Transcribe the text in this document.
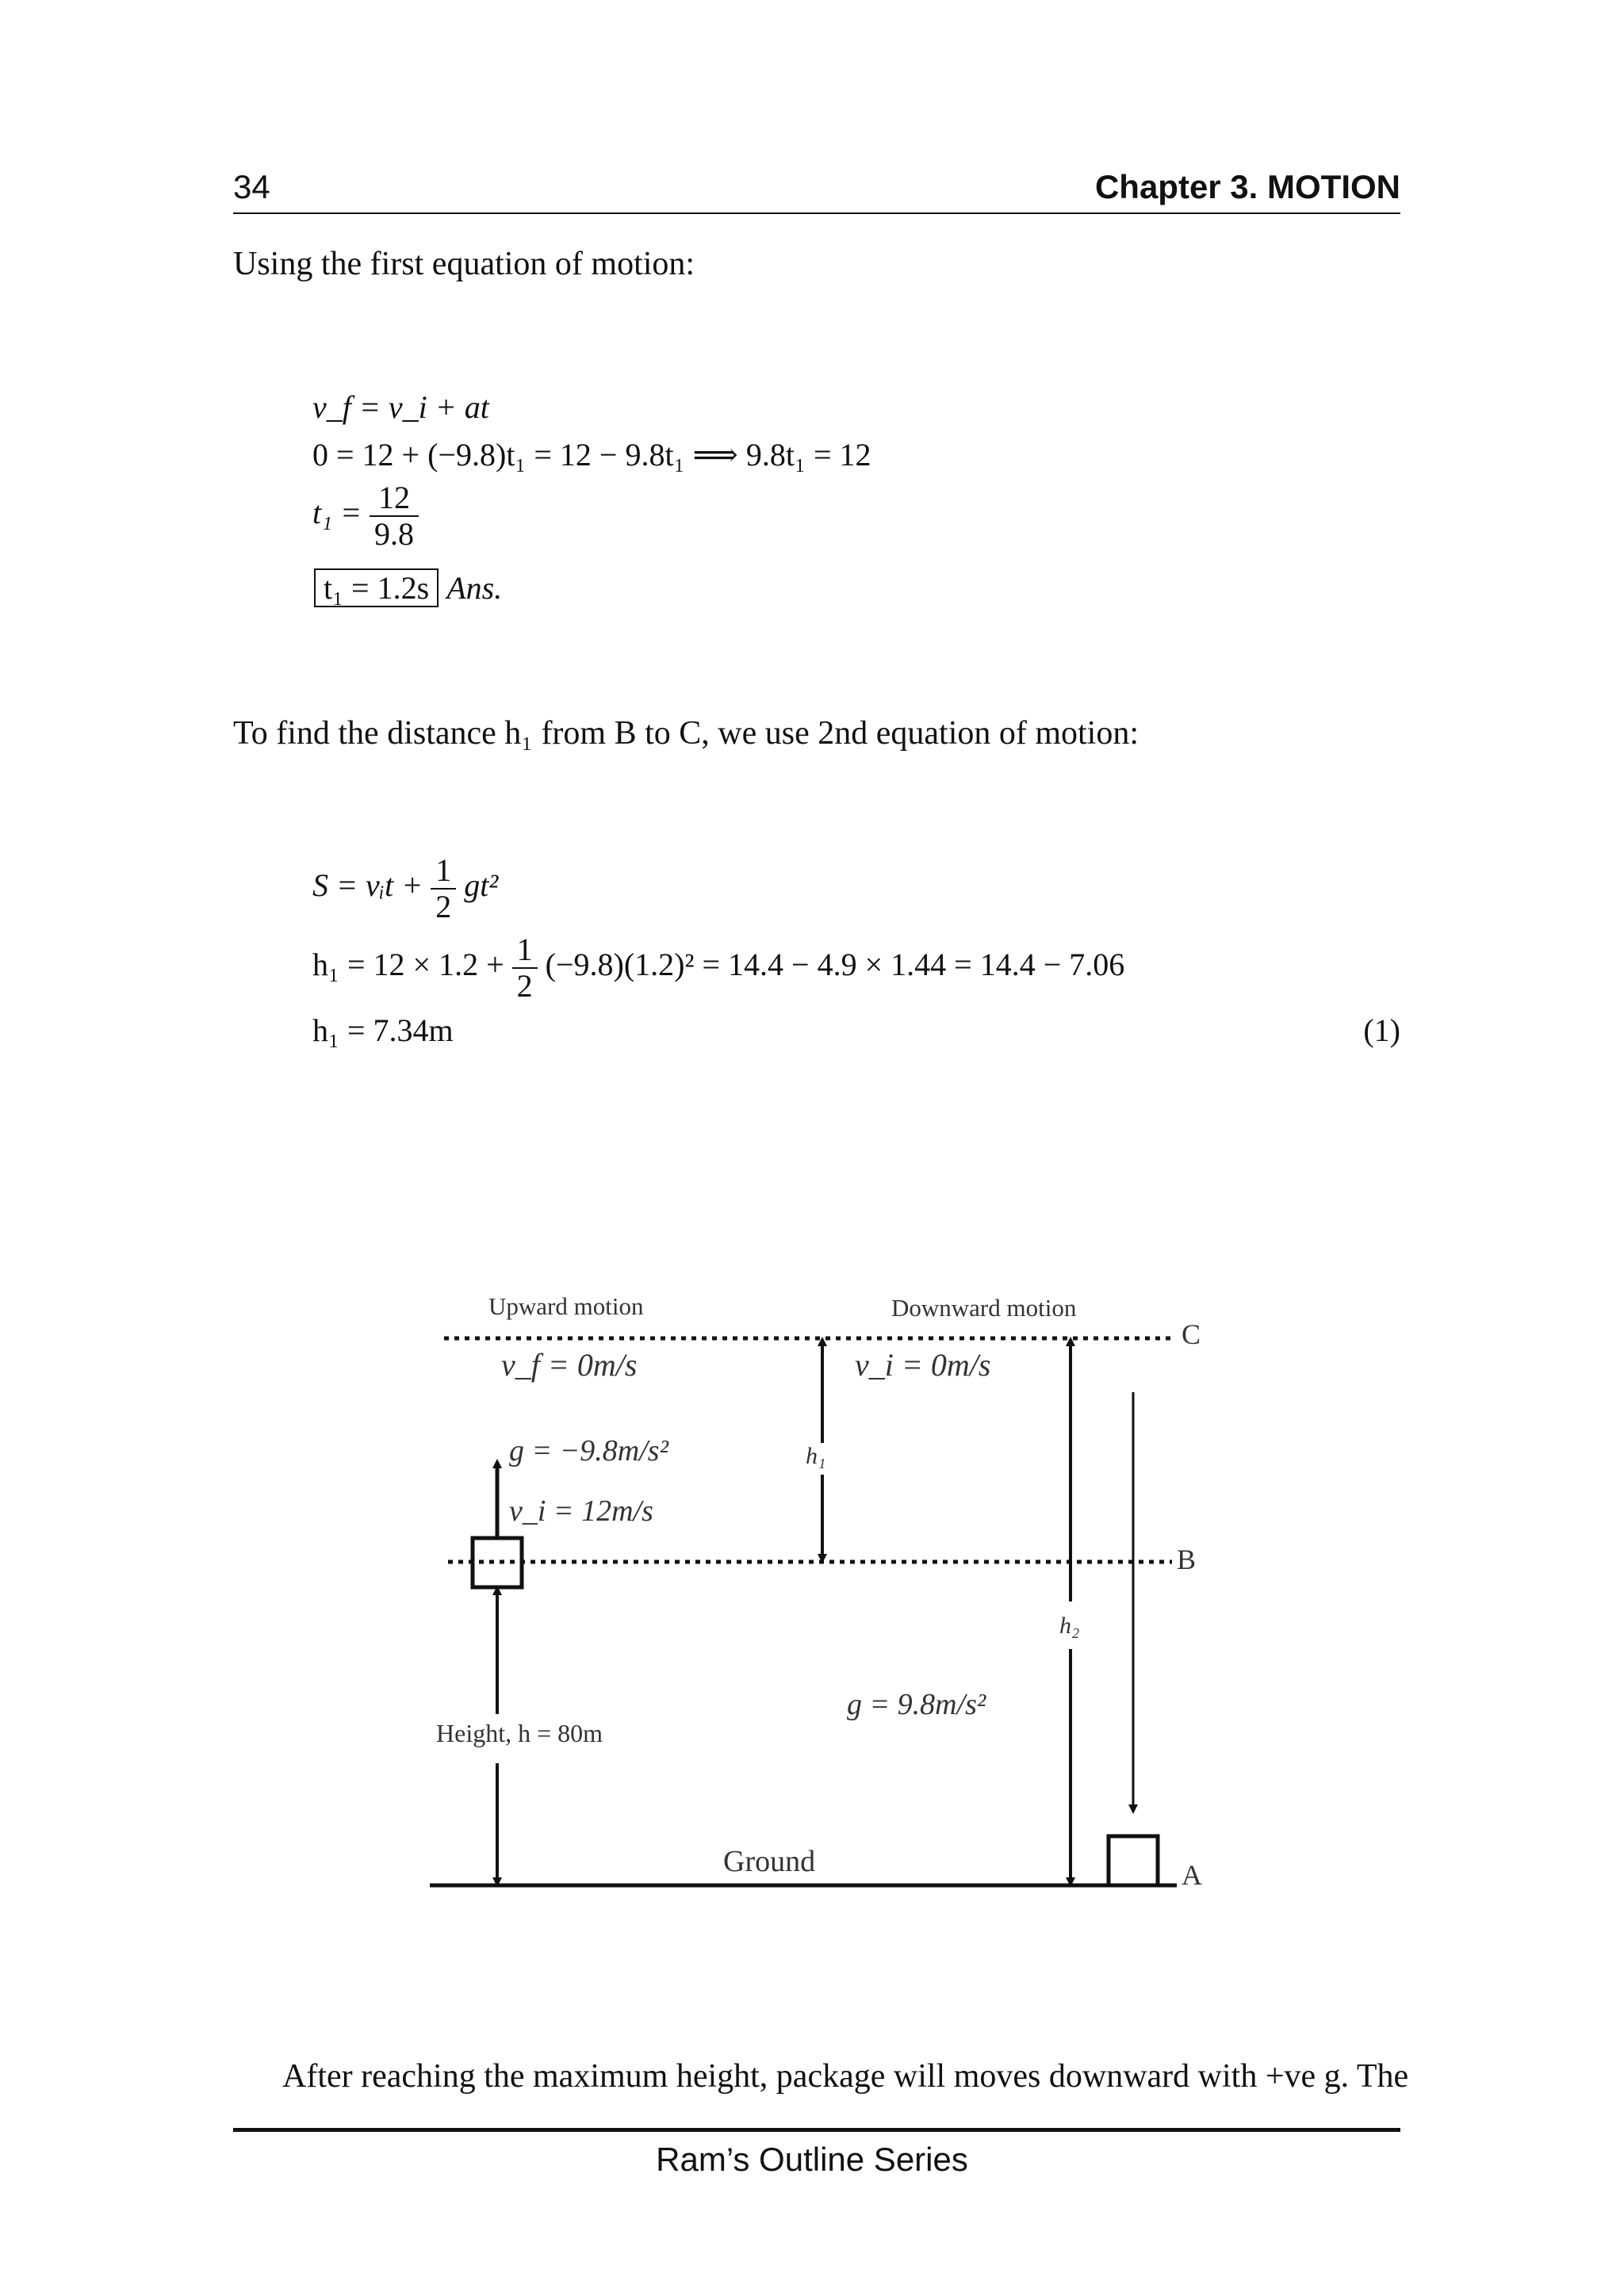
34	Chapter 3. MOTION
Using the first equation of motion:
v_f = v_i + at
0 = 12 + (−9.8)t₁ = 12 − 9.8t₁ ⟹ 9.8t₁ = 12
$t_1 = \frac{12}{9.8}$
t₁ = 1.2s Ans.
To find the distance h₁ from B to C, we use 2nd equation of motion:
S = vᵢt + $\frac{1}{2} gt^2$
$h_1 = 12 \times 1.2 + \frac{1}{2} (-9.8)(1.2)^2 = 14.4 - 4.9 \times 1.44 = 14.4 - 7.06$
h₁ = 7.34m	(1)
Upward motion	Downward motion
v_f = 0m/s	v_i = 0m/s
g = −9.8m/s²
v_i = 12m/s
h₁
h₂
g = 9.8m/s²
Height, h = 80m
Ground
C
B
A
After reaching the maximum height, package will moves downward with +ve g. The
Ram’s Outline Series
